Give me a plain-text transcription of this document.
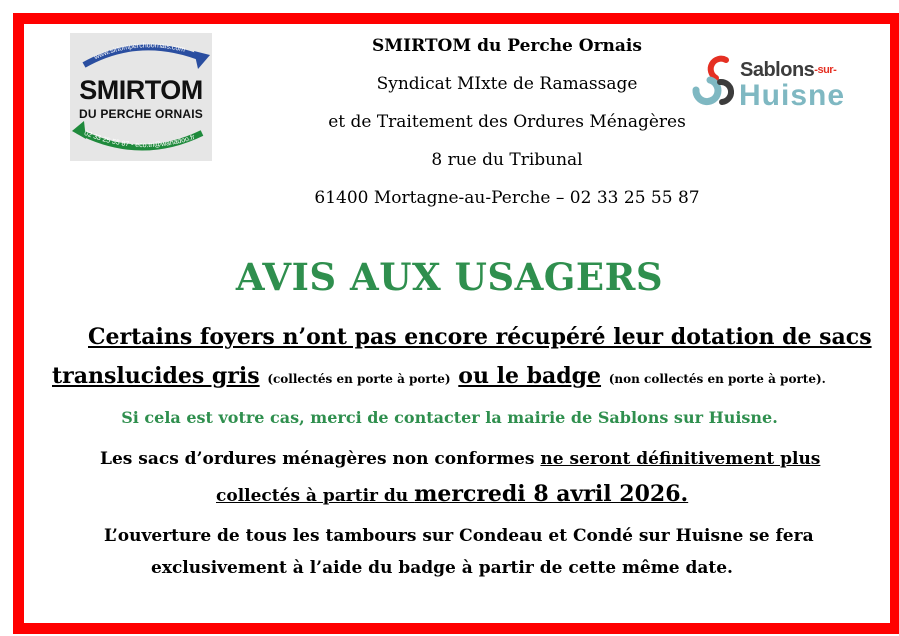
www.sirtomperchoornais.com
02 33 25 55 87 - eco.tri@wanadoo.fr
SMIRTOM
DU PERCHE ORNAIS
Sablons-sur-
Huisne
SMIRTOM du Perche Ornais
Syndicat MIxte de Ramassage
et de Traitement des Ordures Ménagères
8 rue du Tribunal
61400 Mortagne-au-Perche – 02 33 25 55 87
AVIS AUX USAGERS
Certains foyers n’ont pas encore récupéré leur dotation de sacs
translucides gris (collectés en porte à porte) ou le badge (non collectés en porte à porte).
Si cela est votre cas, merci de contacter la mairie de Sablons sur Huisne.
Les sacs d’ordures ménagères non conformes ne seront définitivement plus
collectés à partir du mercredi 8 avril 2026.
L’ouverture de tous les tambours sur Condeau et Condé sur Huisne se fera
exclusivement à l’aide du badge à partir de cette même date.
